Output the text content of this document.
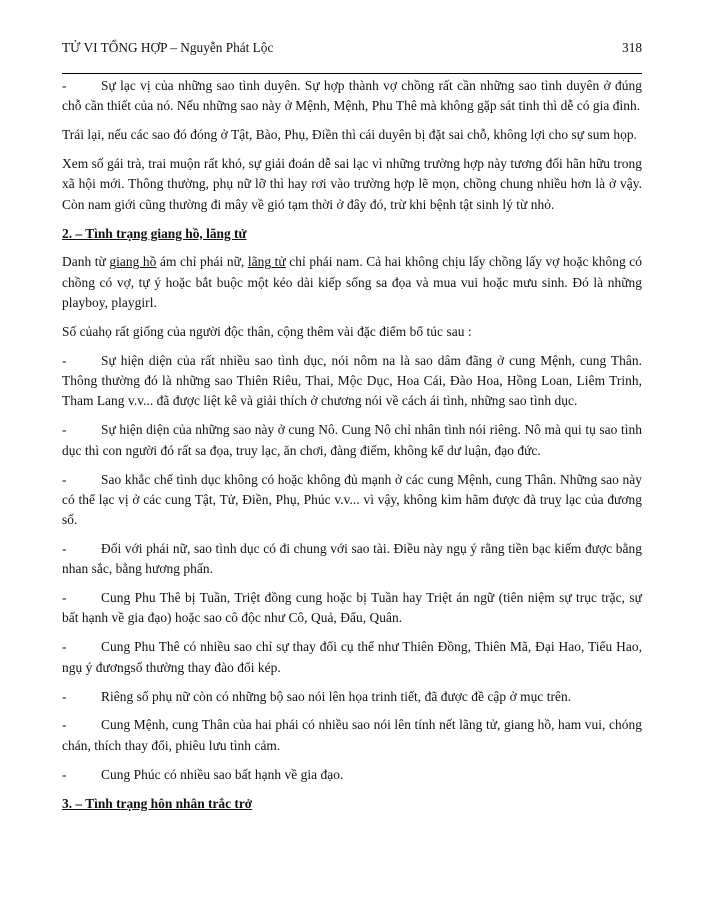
TỬ VI TỔNG HỢP – Nguyễn Phát Lộc	318

-	Sự lạc vị của những sao tình duyên. Sự hợp thành vợ chồng rất cần những sao tình duyên ở đúng chỗ cần thiết của nó. Nếu những sao này ở Mệnh, Mệnh, Phu Thê mà không gặp sát tinh thì dễ có gia đình.

Trái lại, nếu các sao đó đóng ở Tật, Bào, Phụ, Điền thì cái duyên bị đặt sai chỗ, không lợi cho sự sum họp.

Xem số gái trà, trai muộn rất khó, sự giải đoán dễ sai lạc vì những trường hợp này tương đối hãn hữu trong xã hội mới. Thông thường, phụ nữ lỡ thì hay rơi vào trường hợp lẽ mọn, chồng chung nhiều hơn là ở vậy. Còn nam giới cũng thường đi mây về gió tạm thời ở đây đó, trừ khi bệnh tật sinh lý từ nhỏ.

2. – Tình trạng giang hồ, lãng tử

Danh từ giang hồ ám chỉ phái nữ, lãng tử chỉ phái nam. Cả hai không chịu lấy chồng lấy vợ hoặc không có chồng có vợ, tự ý hoặc bắt buộc một kéo dài kiếp sống sa đọa và mua vui hoặc mưu sinh. Đó là những playboy, playgirl.

Số củahọ rất giống của người độc thân, cộng thêm vài đặc điểm bổ túc sau :

-	Sự hiện diện của rất nhiều sao tình dục, nói nôm na là sao dâm đãng ở cung Mệnh, cung Thân. Thông thường đó là những sao Thiên Riêu, Thai, Mộc Dục, Hoa Cái, Đào Hoa, Hồng Loan, Liêm Trinh, Tham Lang v.v... đã được liệt kê và giải thích ở chương nói về cách ái tình, những sao tình dục.

-	Sự hiện diện của những sao này ở cung Nô. Cung Nô chỉ nhân tình nói riêng. Nô mà qui tụ sao tình dục thì con người đó rất sa đọa, truy lạc, ăn chơi, đàng điếm, không kể dư luận, đạo đức.

-	Sao khắc chế tình dục không có hoặc không đủ mạnh ở các cung Mệnh, cung Thân. Những sao này có thể lạc vị ở các cung Tật, Tử, Điền, Phụ, Phúc v.v... vì vậy, không kìm hãm được đà truỵ lạc của đương số.

-	Đối với phái nữ, sao tình dục có đi chung với sao tài. Điều này ngụ ý rằng tiền bạc kiếm được bằng nhan sắc, bằng hương phấn.

-	Cung Phu Thê bị Tuần, Triệt đồng cung hoặc bị Tuần hay Triệt án ngữ (tiên niệm sự trục trặc, sự bất hạnh về gia đạo) hoặc sao cô độc như Cô, Quả, Đẩu, Quân.

-	Cung Phu Thê có nhiều sao chỉ sự thay đổi cụ thể như Thiên Đồng, Thiên Mã, Đại Hao, Tiểu Hao, ngụ ý đươngsố thường thay đào đổi kép.

-	Riêng số phụ nữ còn có những bộ sao nói lên họa trinh tiết, đã được đề cập ở mục trên.

-	Cung Mệnh, cung Thân của hai phái có nhiều sao nói lên tính nết lãng tử, giang hồ, ham vui, chóng chán, thích thay đổi, phiêu lưu tình cảm.

-	Cung Phúc có nhiều sao bất hạnh về gia đạo.

3. – Tình trạng hôn nhân trắc trở
